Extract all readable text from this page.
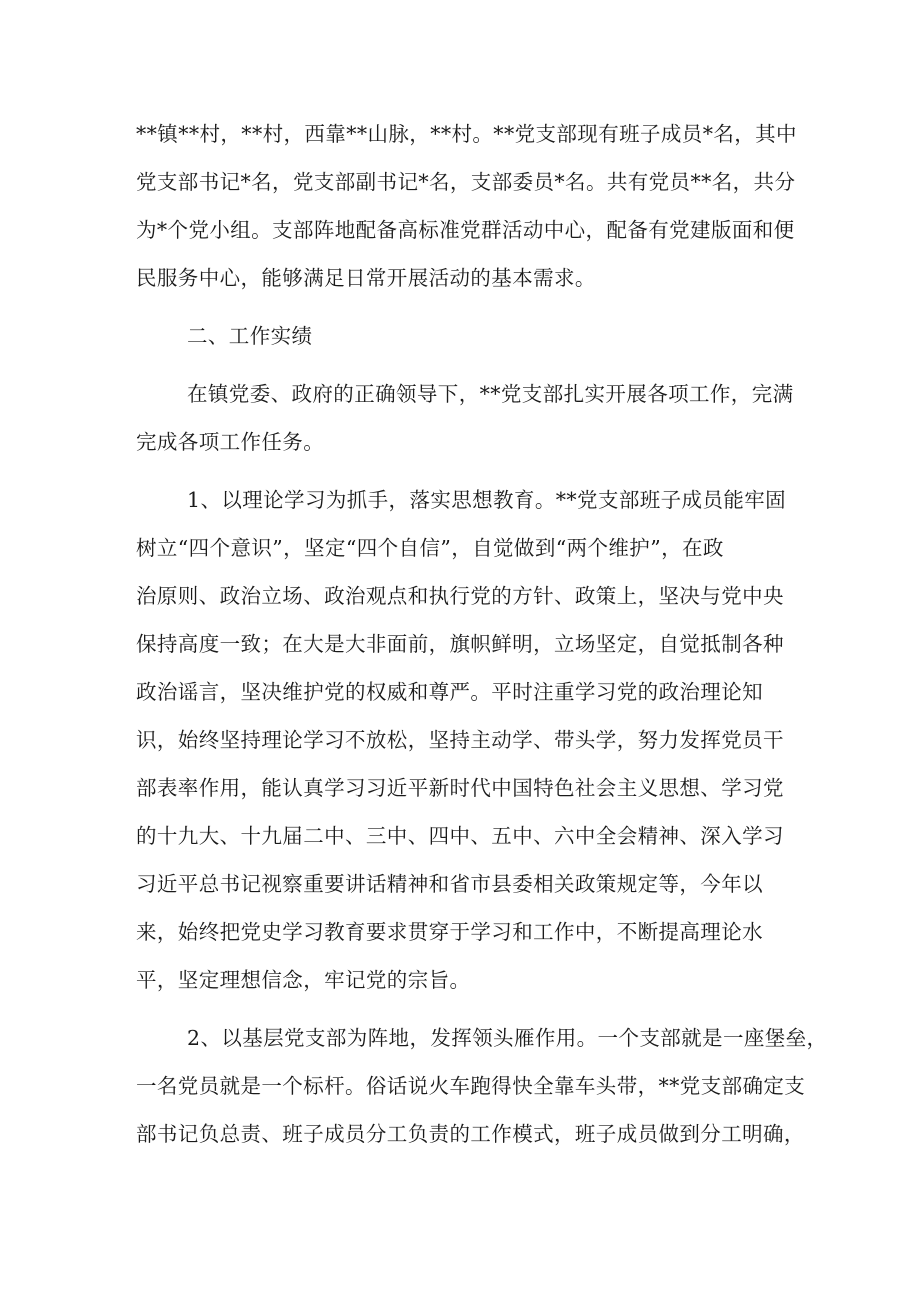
**镇**村，**村，西靠**山脉，**村。**党支部现有班子成员*名，其中
党支部书记*名，党支部副书记*名，支部委员*名。共有党员**名，共分
为*个党小组。支部阵地配备高标准党群活动中心，配备有党建版面和便
民服务中心，能够满足日常开展活动的基本需求。
二、工作实绩
在镇党委、政府的正确领导下，**党支部扎实开展各项工作，完满
完成各项工作任务。
1、以理论学习为抓手，落实思想教育。**党支部班子成员能牢固
树立“四个意识”，坚定“四个自信”，自觉做到“两个维护”，在政
治原则、政治立场、政治观点和执行党的方针、政策上，坚决与党中央
保持高度一致；在大是大非面前，旗帜鲜明，立场坚定，自觉抵制各种
政治谣言，坚决维护党的权威和尊严。平时注重学习党的政治理论知
识，始终坚持理论学习不放松，坚持主动学、带头学，努力发挥党员干
部表率作用，能认真学习习近平新时代中国特色社会主义思想、学习党
的十九大、十九届二中、三中、四中、五中、六中全会精神、深入学习
习近平总书记视察重要讲话精神和省市县委相关政策规定等，今年以
来，始终把党史学习教育要求贯穿于学习和工作中，不断提高理论水
平，坚定理想信念，牢记党的宗旨。
2、以基层党支部为阵地，发挥领头雁作用。一个支部就是一座堡垒，
一名党员就是一个标杆。俗话说火车跑得快全靠车头带，**党支部确定支
部书记负总责、班子成员分工负责的工作模式，班子成员做到分工明确，
